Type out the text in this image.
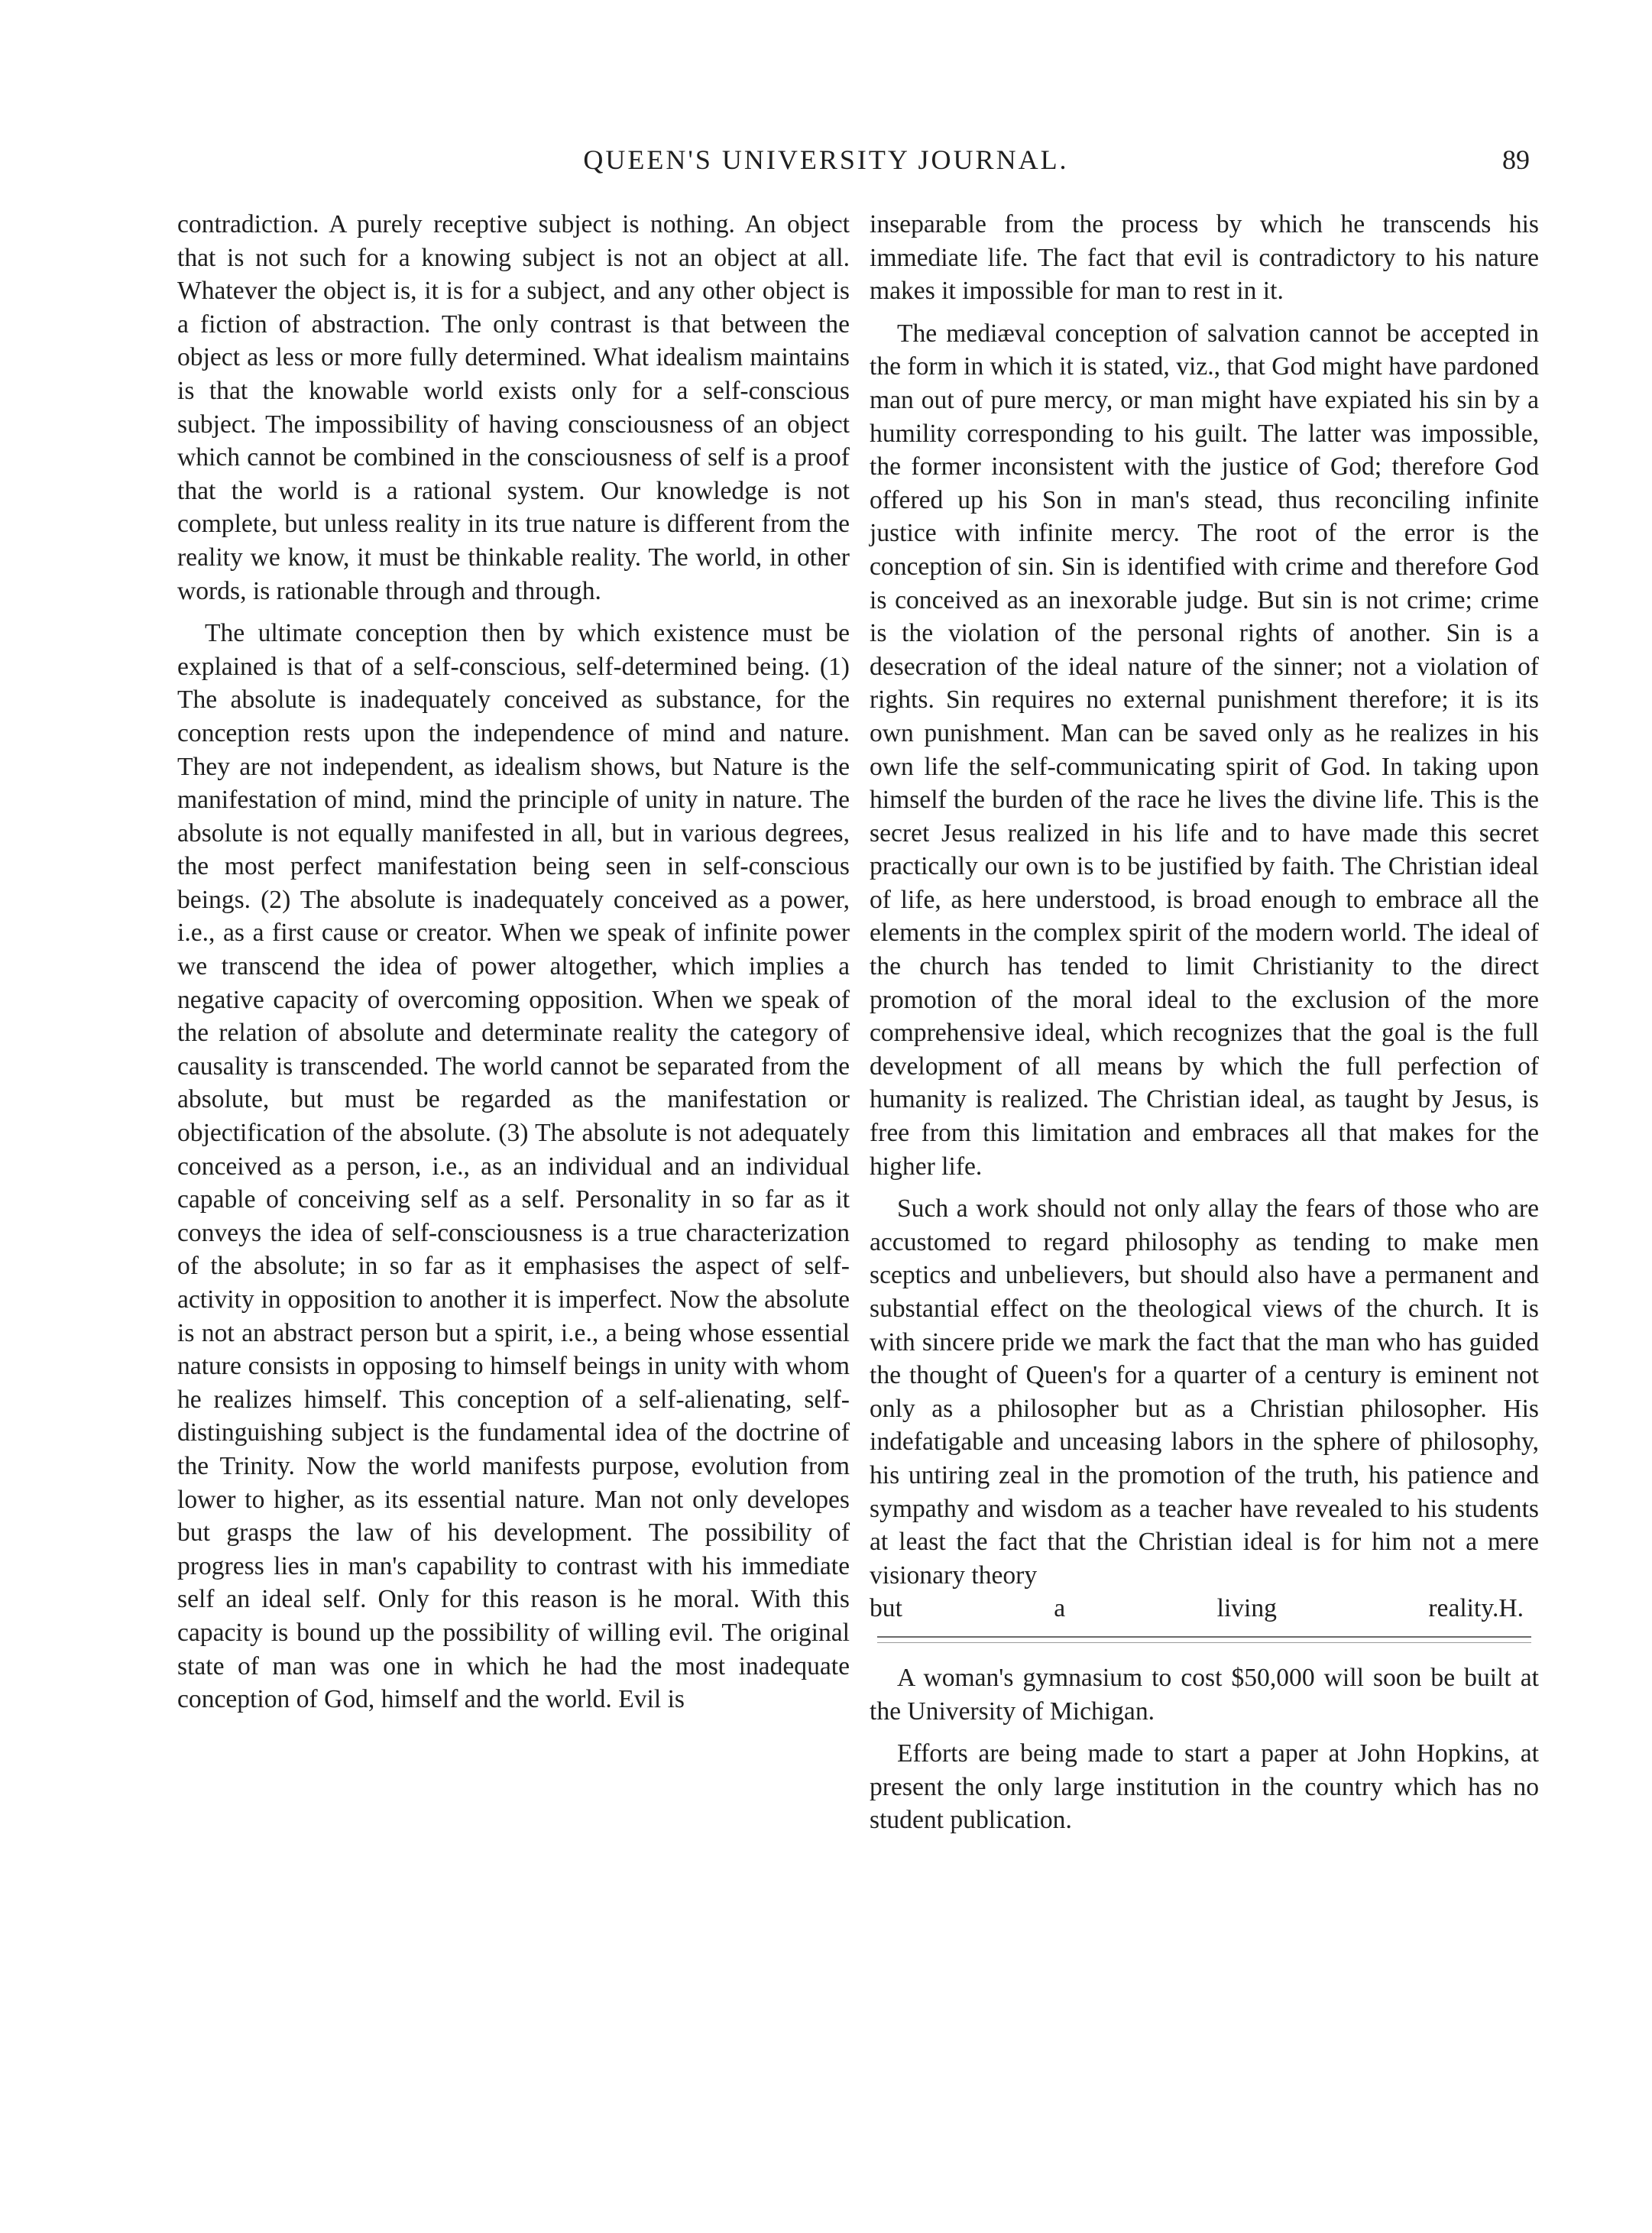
QUEEN'S UNIVERSITY JOURNAL.	89

contradiction. A purely receptive subject is nothing. An object that is not such for a knowing subject is not an object at all. Whatever the object is, it is for a subject, and any other object is a fiction of abstraction. The only contrast is that between the object as less or more fully determined. What idealism maintains is that the knowable world exists only for a self-conscious subject. The impossibility of having consciousness of an object which cannot be combined in the consciousness of self is a proof that the world is a rational system. Our knowledge is not complete, but unless reality in its true nature is different from the reality we know, it must be thinkable reality. The world, in other words, is rationable through and through.

The ultimate conception then by which existence must be explained is that of a self-conscious, self-determined being. (1) The absolute is inadequately conceived as substance, for the conception rests upon the independence of mind and nature. They are not independent, as idealism shows, but Nature is the manifestation of mind, mind the principle of unity in nature. The absolute is not equally manifested in all, but in various degrees, the most perfect manifestation being seen in self-conscious beings. (2) The absolute is inadequately conceived as a power, i.e., as a first cause or creator. When we speak of infinite power we transcend the idea of power altogether, which implies a negative capacity of overcoming opposition. When we speak of the relation of absolute and determinate reality the category of causality is transcended. The world cannot be separated from the absolute, but must be regarded as the manifestation or objectification of the absolute. (3) The absolute is not adequately conceived as a person, i.e., as an individual and an individual capable of conceiving self as a self. Personality in so far as it conveys the idea of self-consciousness is a true characterization of the absolute; in so far as it emphasises the aspect of self-activity in opposition to another it is imperfect. Now the absolute is not an abstract person but a spirit, i.e., a being whose essential nature consists in opposing to himself beings in unity with whom he realizes himself. This conception of a self-alienating, self-distinguishing subject is the fundamental idea of the doctrine of the Trinity. Now the world manifests purpose, evolution from lower to higher, as its essential nature. Man not only developes but grasps the law of his development. The possibility of progress lies in man's capability to contrast with his immediate self an ideal self. Only for this reason is he moral. With this capacity is bound up the possibility of willing evil. The original state of man was one in which he had the most inadequate conception of God, himself and the world. Evil is

inseparable from the process by which he transcends his immediate life. The fact that evil is contradictory to his nature makes it impossible for man to rest in it.

The mediæval conception of salvation cannot be accepted in the form in which it is stated, viz., that God might have pardoned man out of pure mercy, or man might have expiated his sin by a humility corresponding to his guilt. The latter was impossible, the former inconsistent with the justice of God; therefore God offered up his Son in man's stead, thus reconciling infinite justice with infinite mercy. The root of the error is the conception of sin. Sin is identified with crime and therefore God is conceived as an inexorable judge. But sin is not crime; crime is the violation of the personal rights of another. Sin is a desecration of the ideal nature of the sinner; not a violation of rights. Sin requires no external punishment therefore; it is its own punishment. Man can be saved only as he realizes in his own life the self-communicating spirit of God. In taking upon himself the burden of the race he lives the divine life. This is the secret Jesus realized in his life and to have made this secret practically our own is to be justified by faith. The Christian ideal of life, as here understood, is broad enough to embrace all the elements in the complex spirit of the modern world. The ideal of the church has tended to limit Christianity to the direct promotion of the moral ideal to the exclusion of the more comprehensive ideal, which recognizes that the goal is the full development of all means by which the full perfection of humanity is realized. The Christian ideal, as taught by Jesus, is free from this limitation and embraces all that makes for the higher life.

Such a work should not only allay the fears of those who are accustomed to regard philosophy as tending to make men sceptics and unbelievers, but should also have a permanent and substantial effect on the theological views of the church. It is with sincere pride we mark the fact that the man who has guided the thought of Queen's for a quarter of a century is eminent not only as a philosopher but as a Christian philosopher. His indefatigable and unceasing labors in the sphere of philosophy, his untiring zeal in the promotion of the truth, his patience and sympathy and wisdom as a teacher have revealed to his students at least the fact that the Christian ideal is for him not a mere visionary theory

but a living reality. H.

A woman's gymnasium to cost $50,000 will soon be built at the University of Michigan.

Efforts are being made to start a paper at John Hopkins, at present the only large institution in the country which has no student publication.
